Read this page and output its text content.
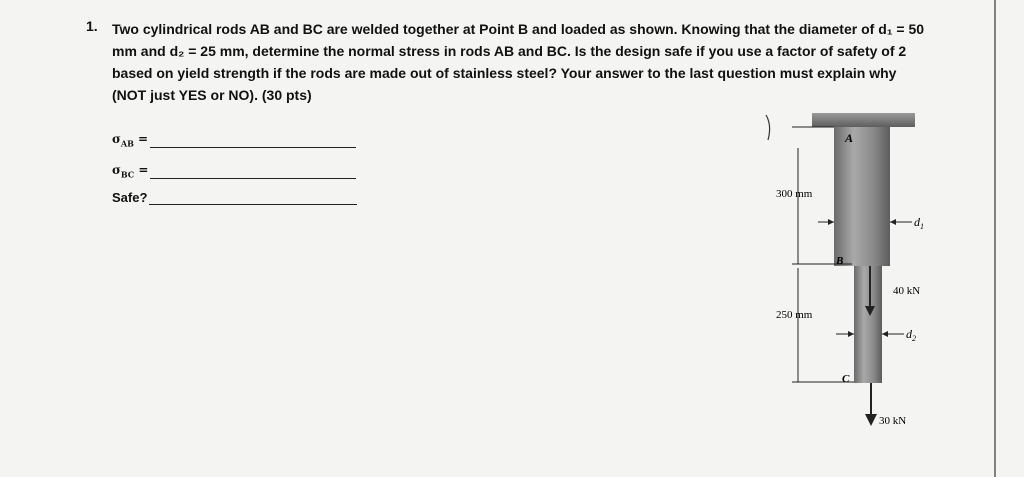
1. Two cylindrical rods AB and BC are welded together at Point B and loaded as shown. Knowing that the diameter of d₁ = 50

mm and d₂ = 25 mm, determine the normal stress in rods AB and BC. Is the design safe if you use a factor of safety of 2

based on yield strength if the rods are made out of stainless steel? Your answer to the last question must explain why

(NOT just YES or NO). (30 pts)

$\sigma_{AB}$ =
$\sigma_{BC}$ =
Safe?
A
B
C
300 mm
250 mm
40 kN
30 kN
$d_1$
$d_2$
